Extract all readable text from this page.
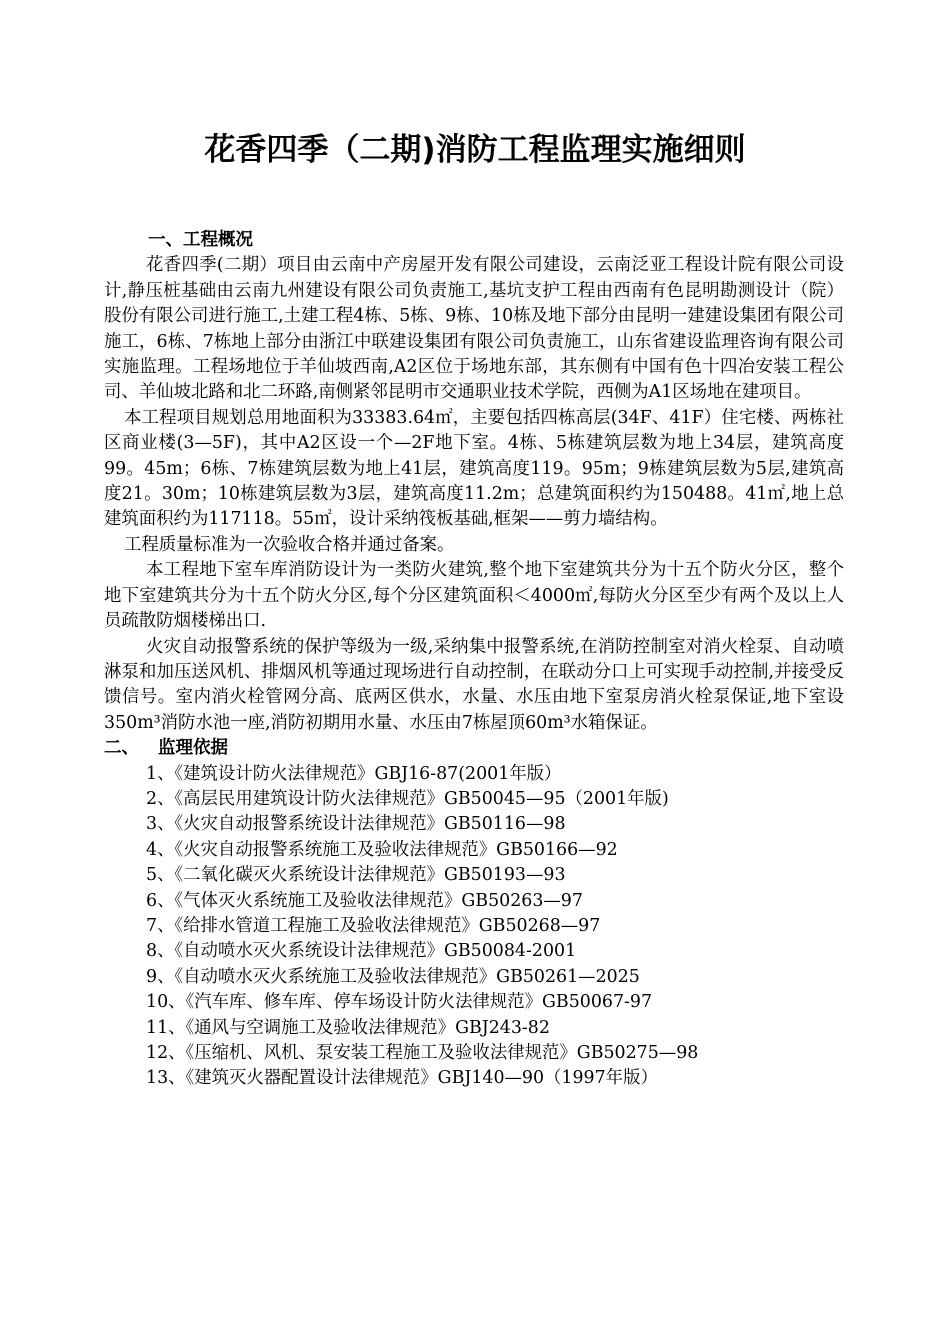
花香四季（二期)消防工程监理实施细则
一、工程概况
花香四季(二期）项目由云南中产房屋开发有限公司建设，云南泛亚工程设计院有限公司设计,静压桩基础由云南九州建设有限公司负责施工,基坑支护工程由西南有色昆明勘测设计（院）股份有限公司进行施工,土建工程4栋、5栋、9栋、10栋及地下部分由昆明一建建设集团有限公司施工，6栋、7栋地上部分由浙江中联建设集团有限公司负责施工，山东省建设监理咨询有限公司实施监理。工程场地位于羊仙坡西南,A2区位于场地东部，其东侧有中国有色十四冶安装工程公司、羊仙坡北路和北二环路,南侧紧邻昆明市交通职业技术学院，西侧为A1区场地在建项目。
本工程项目规划总用地面积为33383.64㎡，主要包括四栋高层(34F、41F）住宅楼、两栋社区商业楼(3—5F)，其中A2区设一个—2F地下室。4栋、5栋建筑层数为地上34层，建筑高度99。45m；6栋、7栋建筑层数为地上41层，建筑高度119。95m；9栋建筑层数为5层,建筑高度21。30m；10栋建筑层数为3层，建筑高度11.2m；总建筑面积约为150488。41㎡,地上总建筑面积约为117118。55㎡，设计采纳筏板基础,框架——剪力墙结构。
工程质量标准为一次验收合格并通过备案。
本工程地下室车库消防设计为一类防火建筑,整个地下室建筑共分为十五个防火分区，整个地下室建筑共分为十五个防火分区,每个分区建筑面积＜4000㎡,每防火分区至少有两个及以上人员疏散防烟楼梯出口.
火灾自动报警系统的保护等级为一级,采纳集中报警系统,在消防控制室对消火栓泵、自动喷淋泵和加压送风机、排烟风机等通过现场进行自动控制，在联动分口上可实现手动控制,并接受反馈信号。室内消火栓管网分高、底两区供水，水量、水压由地下室泵房消火栓泵保证,地下室设350m³消防水池一座,消防初期用水量、水压由7栋屋顶60m³水箱保证。
二、 监理依据
1、《建筑设计防火法律规范》GBJ16-87(2001年版）
2、《高层民用建筑设计防火法律规范》GB50045—95（2001年版)
3、《火灾自动报警系统设计法律规范》GB50116—98
4、《火灾自动报警系统施工及验收法律规范》GB50166—92
5、《二氧化碳灭火系统设计法律规范》GB50193—93
6、《气体灭火系统施工及验收法律规范》GB50263—97
7、《给排水管道工程施工及验收法律规范》GB50268—97
8、《自动喷水灭火系统设计法律规范》GB50084-2001
9、《自动喷水灭火系统施工及验收法律规范》GB50261—2025
10、《汽车库、修车库、停车场设计防火法律规范》GB50067-97
11、《通风与空调施工及验收法律规范》GBJ243-82
12、《压缩机、风机、泵安装工程施工及验收法律规范》GB50275—98
13、《建筑灭火器配置设计法律规范》GBJ140—90（1997年版）
